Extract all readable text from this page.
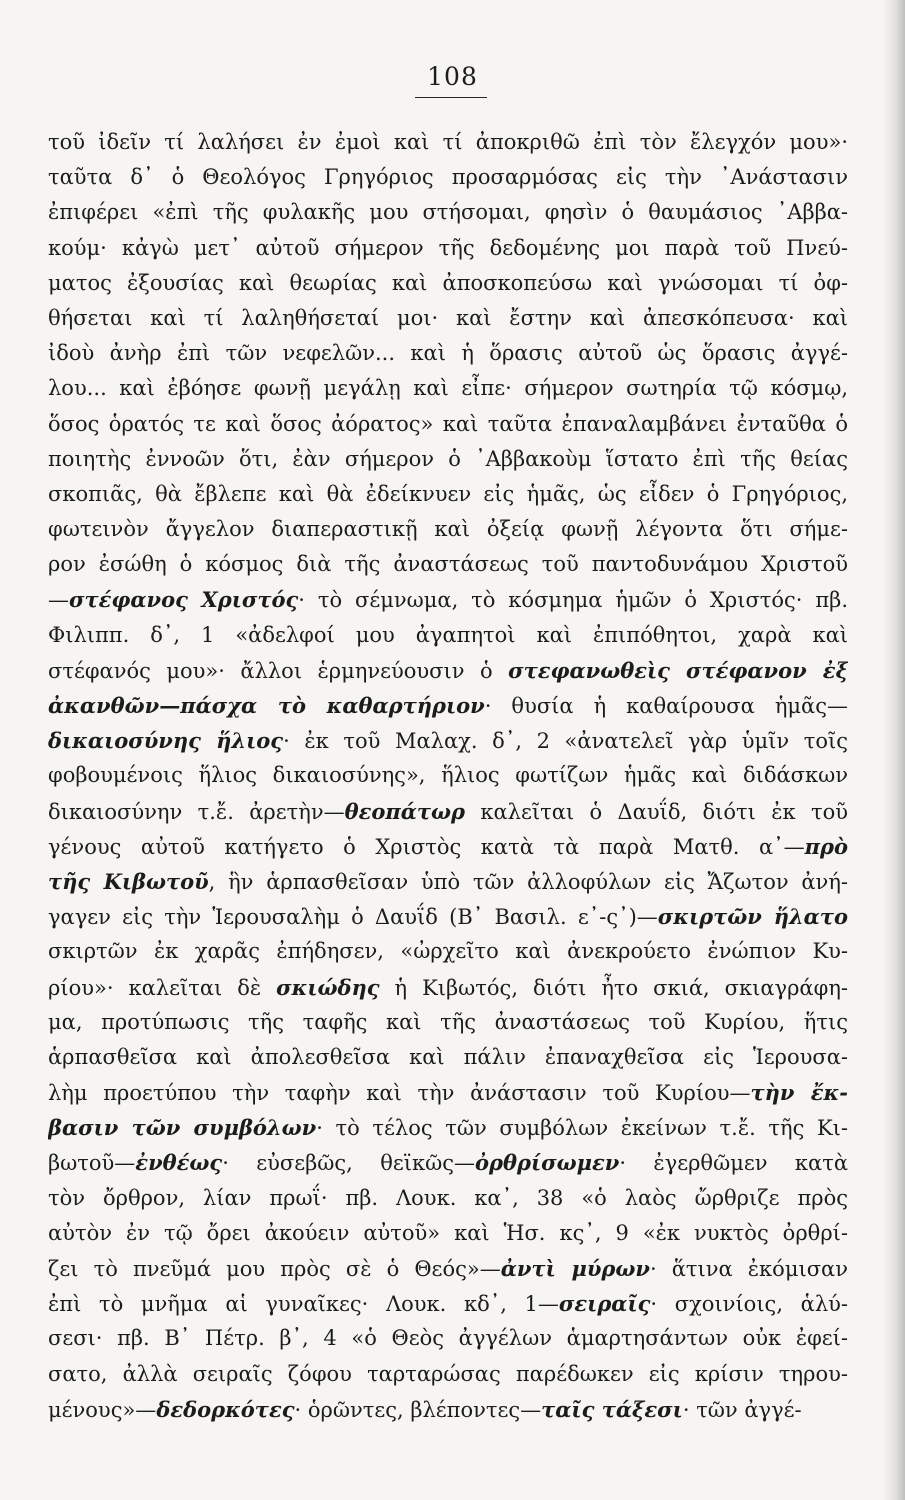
108
τοῦ ἰδεῖν τί λαλήσει ἐν ἐμοὶ καὶ τί ἀποκριθῶ ἐπὶ τὸν ἔλεγχόν μου»·
ταῦτα δ᾽ ὁ Θεολόγος Γρηγόριος προσαρμόσας εἰς τὴν ᾽Ανάστασιν
ἐπιφέρει «ἐπὶ τῆς φυλακῆς μου στήσομαι, φησὶν ὁ θαυμάσιος ᾽Αββα-
κούμ· κἀγὼ μετ᾽ αὐτοῦ σήμερον τῆς δεδομένης μοι παρὰ τοῦ Πνεύ-
ματος ἐξουσίας καὶ θεωρίας καὶ ἀποσκοπεύσω καὶ γνώσομαι τί ὀφ-
θήσεται καὶ τί λαληθήσεταί μοι· καὶ ἔστην καὶ ἀπεσκόπευσα· καὶ
ἰδοὺ ἀνὴρ ἐπὶ τῶν νεφελῶν... καὶ ἡ ὅρασις αὐτοῦ ὡς ὅρασις ἀγγέ-
λου... καὶ ἐβόησε φωνῇ μεγάλῃ καὶ εἶπε· σήμερον σωτηρία τῷ κόσμῳ,
ὅσος ὁρατός τε καὶ ὅσος ἀόρατος» καὶ ταῦτα ἐπαναλαμβάνει ἐνταῦθα ὁ
ποιητὴς ἐννοῶν ὅτι, ἐὰν σήμερον ὁ ᾽Αββακοὺμ ἵστατο ἐπὶ τῆς θείας
σκοπιᾶς, θὰ ἔβλεπε καὶ θὰ ἐδείκνυεν εἰς ἡμᾶς, ὡς εἶδεν ὁ Γρηγόριος,
φωτεινὸν ἄγγελον διαπεραστικῇ καὶ ὀξείᾳ φωνῇ λέγοντα ὅτι σήμε-
ρον ἐσώθη ὁ κόσμος διὰ τῆς ἀναστάσεως τοῦ παντοδυνάμου Χριστοῦ
—στέφανος Χριστός· τὸ σέμνωμα, τὸ κόσμημα ἡμῶν ὁ Χριστός· πβ.
Φιλιππ. δ᾽, 1 «ἀδελφοί μου ἀγαπητοὶ καὶ ἐπιπόθητοι, χαρὰ καὶ
στέφανός μου»· ἄλλοι ἑρμηνεύουσιν ὁ στεφανωθεὶς στέφανον ἐξ
ἀκανθῶν—πάσχα τὸ καθαρτήριον· θυσία ἡ καθαίρουσα ἡμᾶς—
δικαιοσύνης ἥλιος· ἐκ τοῦ Μαλαχ. δ᾽, 2 «ἀνατελεῖ γὰρ ὑμῖν τοῖς
φοβουμένοις ἥλιος δικαιοσύνης», ἥλιος φωτίζων ἡμᾶς καὶ διδάσκων
δικαιοσύνην τ.ἔ. ἀρετὴν—θεοπάτωρ καλεῖται ὁ Δαυΐδ, διότι ἐκ τοῦ
γένους αὐτοῦ κατήγετο ὁ Χριστὸς κατὰ τὰ παρὰ Ματθ. α᾽—πρὸ
τῆς Κιβωτοῦ, ἣν ἁρπασθεῖσαν ὑπὸ τῶν ἀλλοφύλων εἰς Ἄζωτον ἀνή-
γαγεν εἰς τὴν Ἱερουσαλὴμ ὁ Δαυΐδ (Β᾽ Βασιλ. ε᾽-ς᾽)—σκιρτῶν ἥλατο
σκιρτῶν ἐκ χαρᾶς ἐπήδησεν, «ὠρχεῖτο καὶ ἀνεκρούετο ἐνώπιον Κυ-
ρίου»· καλεῖται δὲ σκιώδης ἡ Κιβωτός, διότι ἦτο σκιά, σκιαγράφη-
μα, προτύπωσις τῆς ταφῆς καὶ τῆς ἀναστάσεως τοῦ Κυρίου, ἥτις
ἁρπασθεῖσα καὶ ἀπολεσθεῖσα καὶ πάλιν ἐπαναχθεῖσα εἰς Ἱερουσα-
λὴμ προετύπου τὴν ταφὴν καὶ τὴν ἀνάστασιν τοῦ Κυρίου—τὴν ἔκ-
βασιν τῶν συμβόλων· τὸ τέλος τῶν συμβόλων ἐκείνων τ.ἔ. τῆς Κι-
βωτοῦ—ἐνθέως· εὐσεβῶς, θεϊκῶς—ὀρθρίσωμεν· ἐγερθῶμεν κατὰ
τὸν ὄρθρον, λίαν πρωΐ· πβ. Λουκ. κα᾽, 38 «ὁ λαὸς ὤρθριζε πρὸς
αὐτὸν ἐν τῷ ὄρει ἀκούειν αὐτοῦ» καὶ Ἡσ. κς᾽, 9 «ἐκ νυκτὸς ὀρθρί-
ζει τὸ πνεῦμά μου πρὸς σὲ ὁ Θεός»—ἀντὶ μύρων· ἅτινα ἐκόμισαν
ἐπὶ τὸ μνῆμα αἱ γυναῖκες· Λουκ. κδ᾽, 1—σειραῖς· σχοινίοις, ἁλύ-
σεσι· πβ. Β᾽ Πέτρ. β᾽, 4 «ὁ Θεὸς ἀγγέλων ἁμαρτησάντων οὐκ ἐφεί-
σατο, ἀλλὰ σειραῖς ζόφου ταρταρώσας παρέδωκεν εἰς κρίσιν τηρου-
μένους»—δεδορκότες· ὁρῶντες, βλέποντες—ταῖς τάξεσι· τῶν ἀγγέ-
